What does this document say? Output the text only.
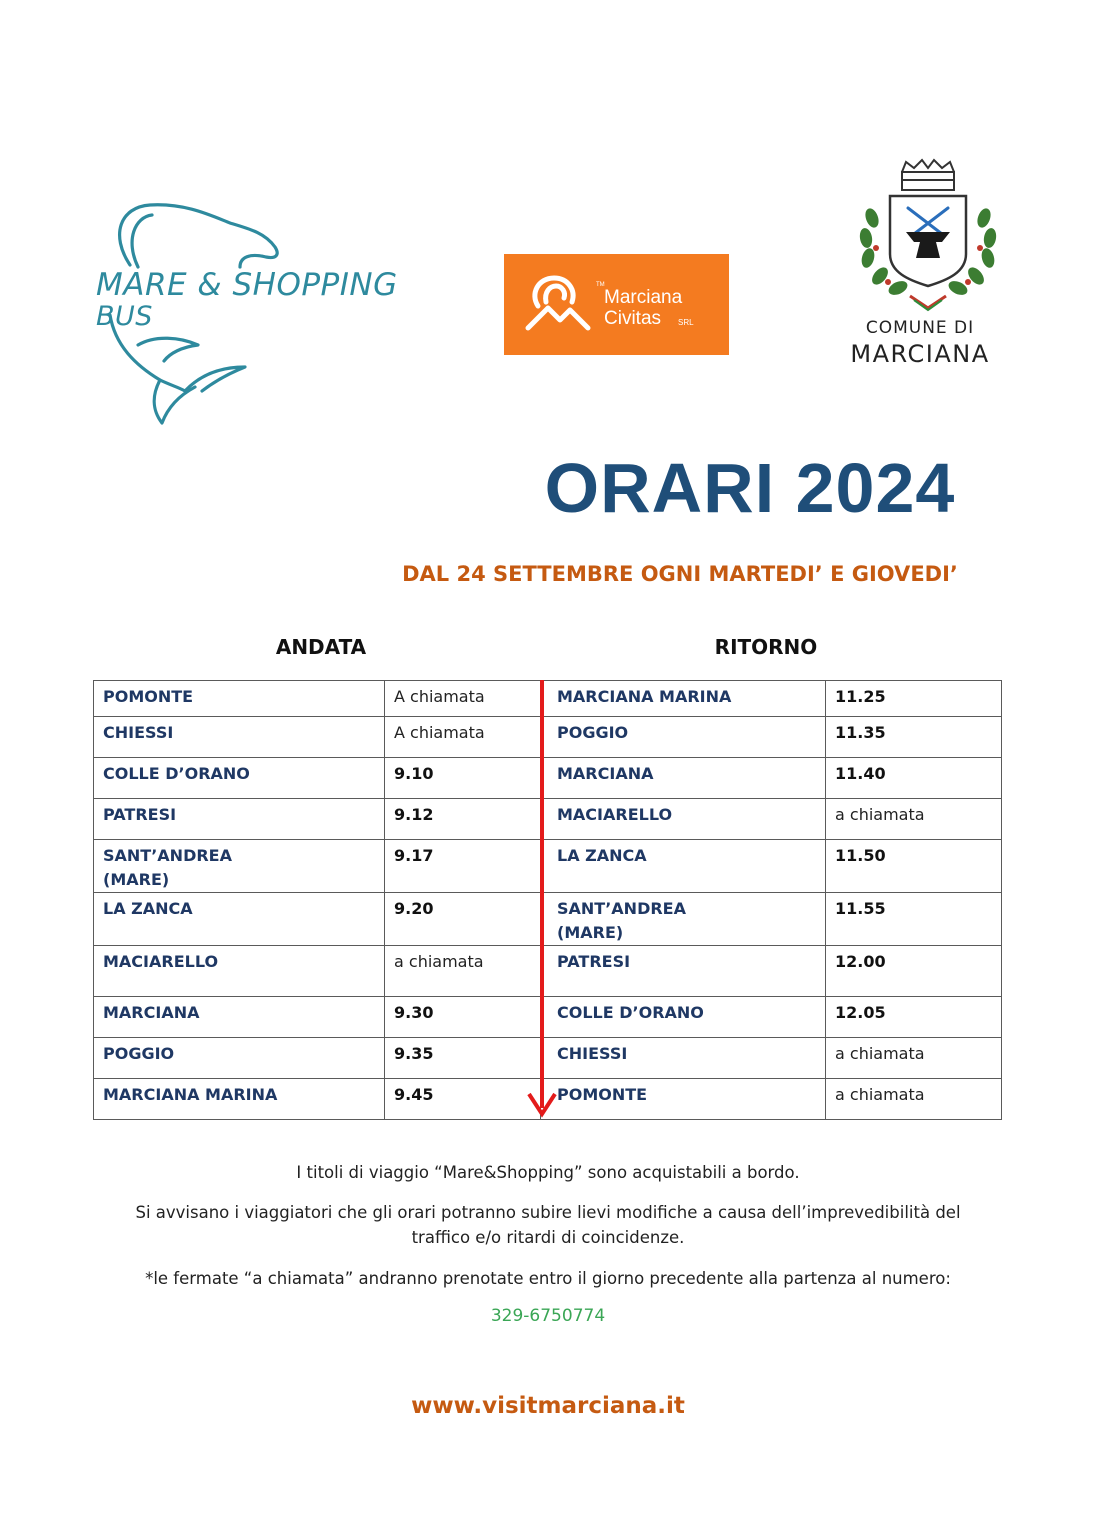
MARE & SHOPPING
BUS
TM
Marciana
Civitas SRL	COMUNE DI
MARCIANA
ORARI 2024
DAL 24 SETTEMBRE OGNI MARTEDI’ E GIOVEDI’
ANDATA	RITORNO
POMONTE	A chiamata	MARCIANA MARINA	11.25
CHIESSI	A chiamata	POGGIO	11.35
COLLE D’ORANO	9.10	MARCIANA	11.40
PATRESI	9.12	MACIARELLO	a chiamata
SANT’ANDREA (MARE)	9.17	LA ZANCA	11.50
LA ZANCA	9.20	SANT’ANDREA (MARE)	11.55
MACIARELLO	a chiamata	PATRESI	12.00
MARCIANA	9.30	COLLE D’ORANO	12.05
POGGIO	9.35	CHIESSI	a chiamata
MARCIANA MARINA	9.45	POMONTE	a chiamata
I titoli di viaggio “Mare&Shopping” sono acquistabili a bordo.
Si avvisano i viaggiatori che gli orari potranno subire lievi modifiche a causa dell’imprevedibilità del traffico e/o ritardi di coincidenze.
*le fermate “a chiamata” andranno prenotate entro il giorno precedente alla partenza al numero:
329-6750774
www.visitmarciana.it
